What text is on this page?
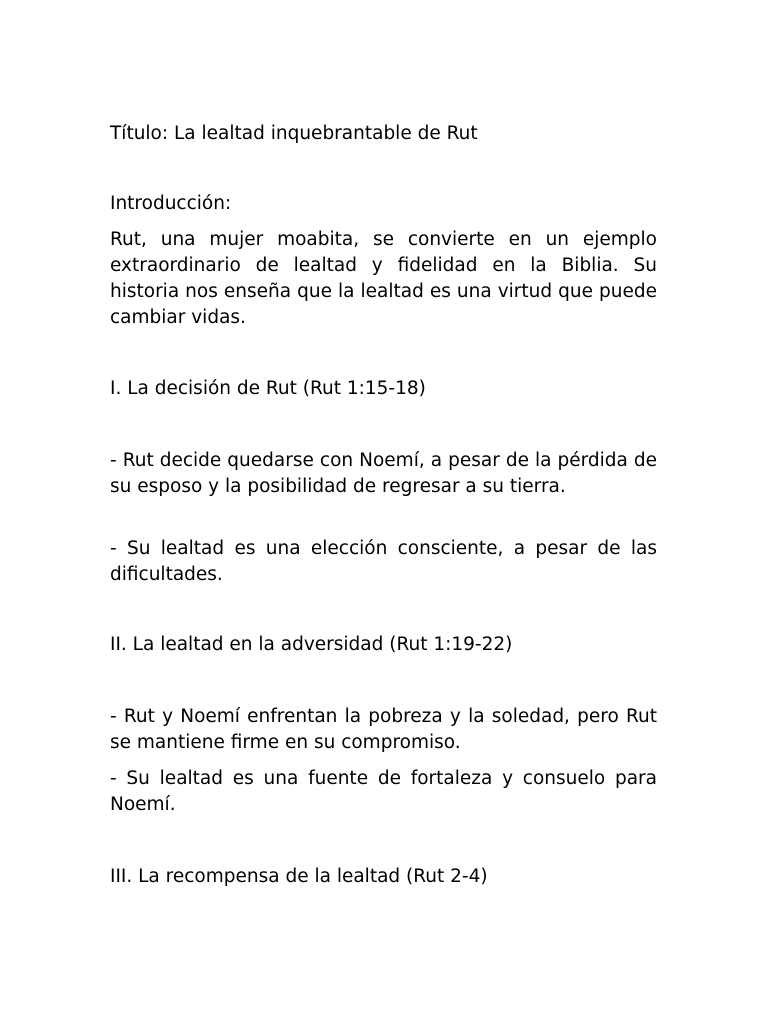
Título: La lealtad inquebrantable de Rut

Introducción:

Rut, una mujer moabita, se convierte en un ejemplo extraordinario de lealtad y fidelidad en la Biblia. Su historia nos enseña que la lealtad es una virtud que puede cambiar vidas.

I. La decisión de Rut (Rut 1:15-18)

- Rut decide quedarse con Noemí, a pesar de la pérdida de su esposo y la posibilidad de regresar a su tierra.

- Su lealtad es una elección consciente, a pesar de las dificultades.

II. La lealtad en la adversidad (Rut 1:19-22)

- Rut y Noemí enfrentan la pobreza y la soledad, pero Rut se mantiene firme en su compromiso.

- Su lealtad es una fuente de fortaleza y consuelo para Noemí.

III. La recompensa de la lealtad (Rut 2-4)
